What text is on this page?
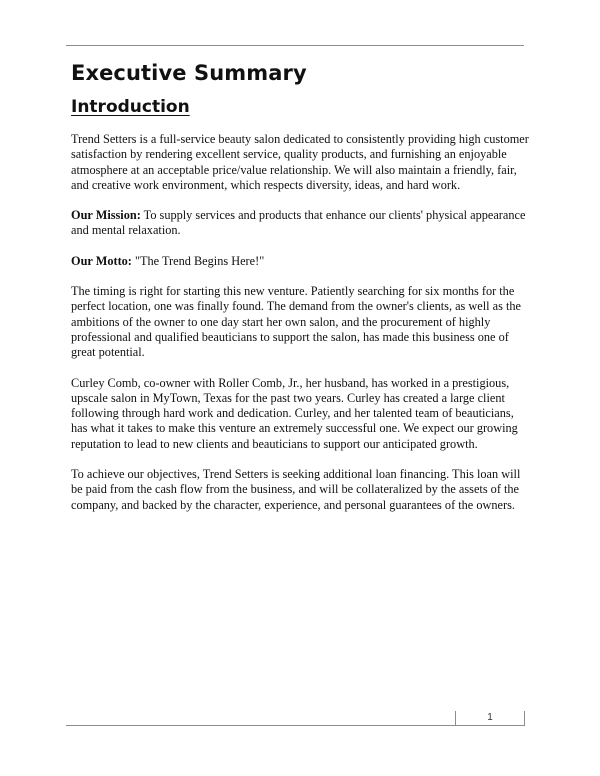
Executive Summary
Introduction

Trend Setters is a full-service beauty salon dedicated to consistently providing high customer satisfaction by rendering excellent service, quality products, and furnishing an enjoyable atmosphere at an acceptable price/value relationship. We will also maintain a friendly, fair, and creative work environment, which respects diversity, ideas, and hard work.

Our Mission: To supply services and products that enhance our clients' physical appearance and mental relaxation.

Our Motto: "The Trend Begins Here!"

The timing is right for starting this new venture. Patiently searching for six months for the perfect location, one was finally found. The demand from the owner's clients, as well as the ambitions of the owner to one day start her own salon, and the procurement of highly professional and qualified beauticians to support the salon, has made this business one of great potential.

Curley Comb, co-owner with Roller Comb, Jr., her husband, has worked in a prestigious, upscale salon in MyTown, Texas for the past two years. Curley has created a large client following through hard work and dedication. Curley, and her talented team of beauticians, has what it takes to make this venture an extremely successful one. We expect our growing reputation to lead to new clients and beauticians to support our anticipated growth.

To achieve our objectives, Trend Setters is seeking additional loan financing. This loan will be paid from the cash flow from the business, and will be collateralized by the assets of the company, and backed by the character, experience, and personal guarantees of the owners.

1
